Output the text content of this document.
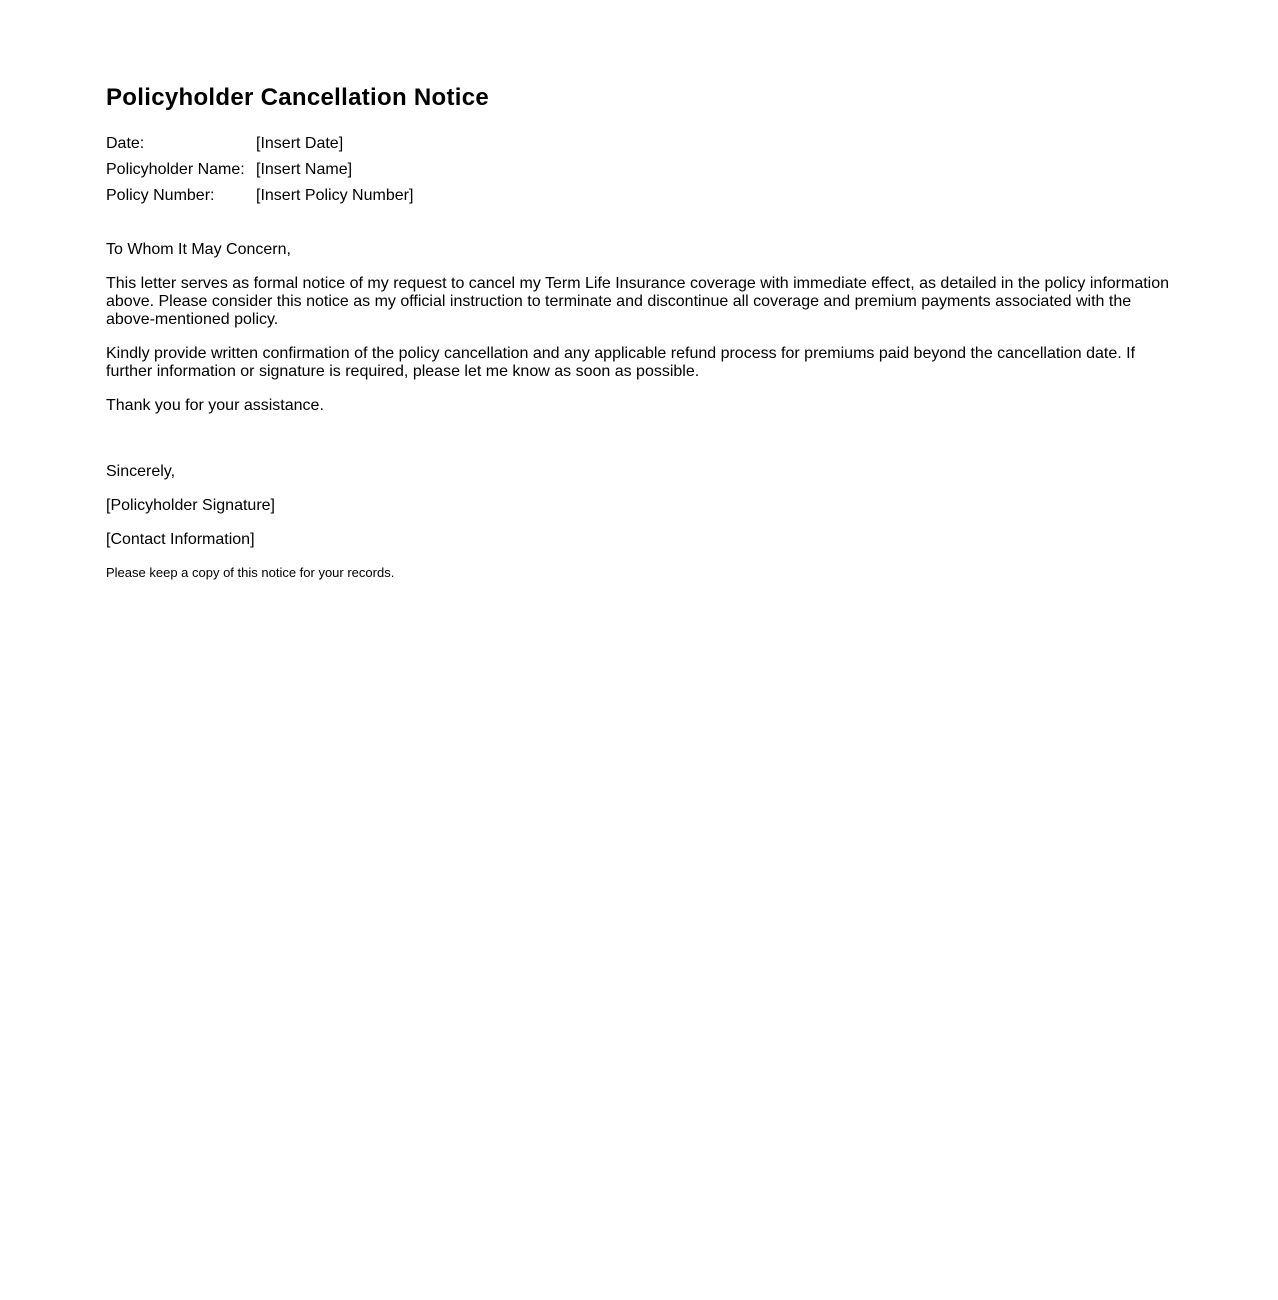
Policyholder Cancellation Notice
Date:	[Insert Date]
Policyholder Name:	[Insert Name]
Policy Number:	[Insert Policy Number]

To Whom It May Concern,

This letter serves as formal notice of my request to cancel my Term Life Insurance coverage with immediate effect, as detailed in the policy information above. Please consider this notice as my official instruction to terminate and discontinue all coverage and premium payments associated with the above-mentioned policy.

Kindly provide written confirmation of the policy cancellation and any applicable refund process for premiums paid beyond the cancellation date. If further information or signature is required, please let me know as soon as possible.

Thank you for your assistance.

Sincerely,

[Policyholder Signature]

[Contact Information]

Please keep a copy of this notice for your records.
